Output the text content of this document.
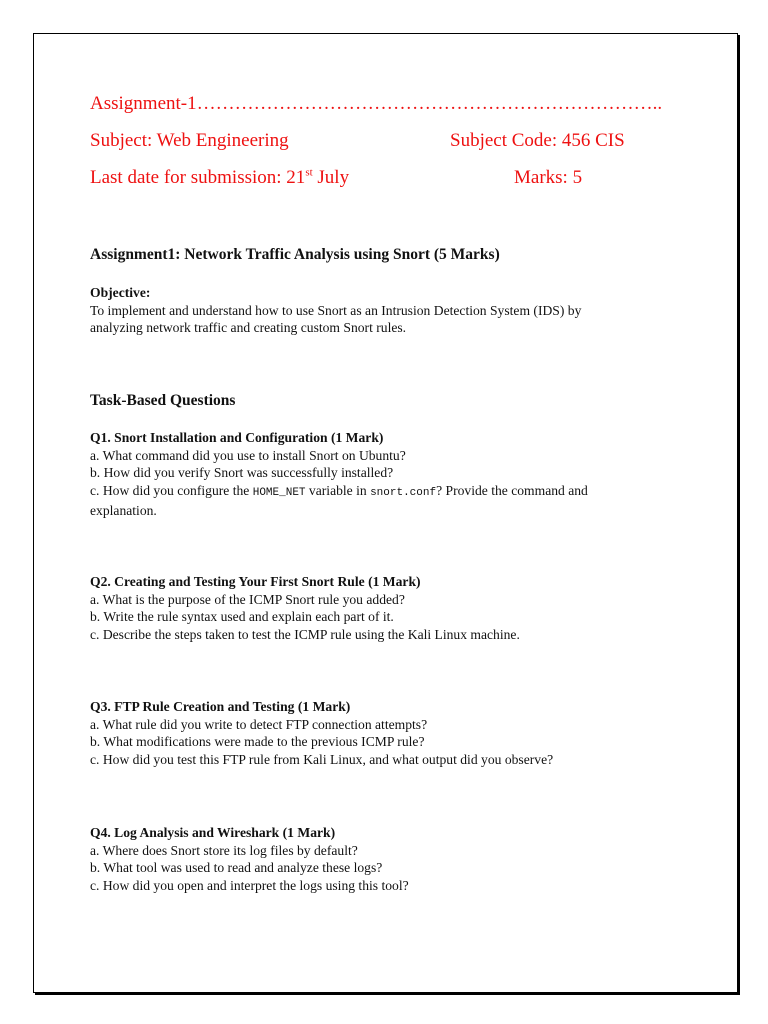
Assignment-1………………………………………………………………..
Subject: Web Engineering	Subject Code: 456 CIS
Last date for submission: 21st July	Marks: 5
Assignment1: Network Traffic Analysis using Snort (5 Marks)
Objective:
To implement and understand how to use Snort as an Intrusion Detection System (IDS) by
analyzing network traffic and creating custom Snort rules.
Task-Based Questions
Q1. Snort Installation and Configuration (1 Mark)
a. What command did you use to install Snort on Ubuntu?
b. How did you verify Snort was successfully installed?
c. How did you configure the HOME_NET variable in snort.conf? Provide the command and
explanation.
Q2. Creating and Testing Your First Snort Rule (1 Mark)
a. What is the purpose of the ICMP Snort rule you added?
b. Write the rule syntax used and explain each part of it.
c. Describe the steps taken to test the ICMP rule using the Kali Linux machine.
Q3. FTP Rule Creation and Testing (1 Mark)
a. What rule did you write to detect FTP connection attempts?
b. What modifications were made to the previous ICMP rule?
c. How did you test this FTP rule from Kali Linux, and what output did you observe?
Q4. Log Analysis and Wireshark (1 Mark)
a. Where does Snort store its log files by default?
b. What tool was used to read and analyze these logs?
c. How did you open and interpret the logs using this tool?
